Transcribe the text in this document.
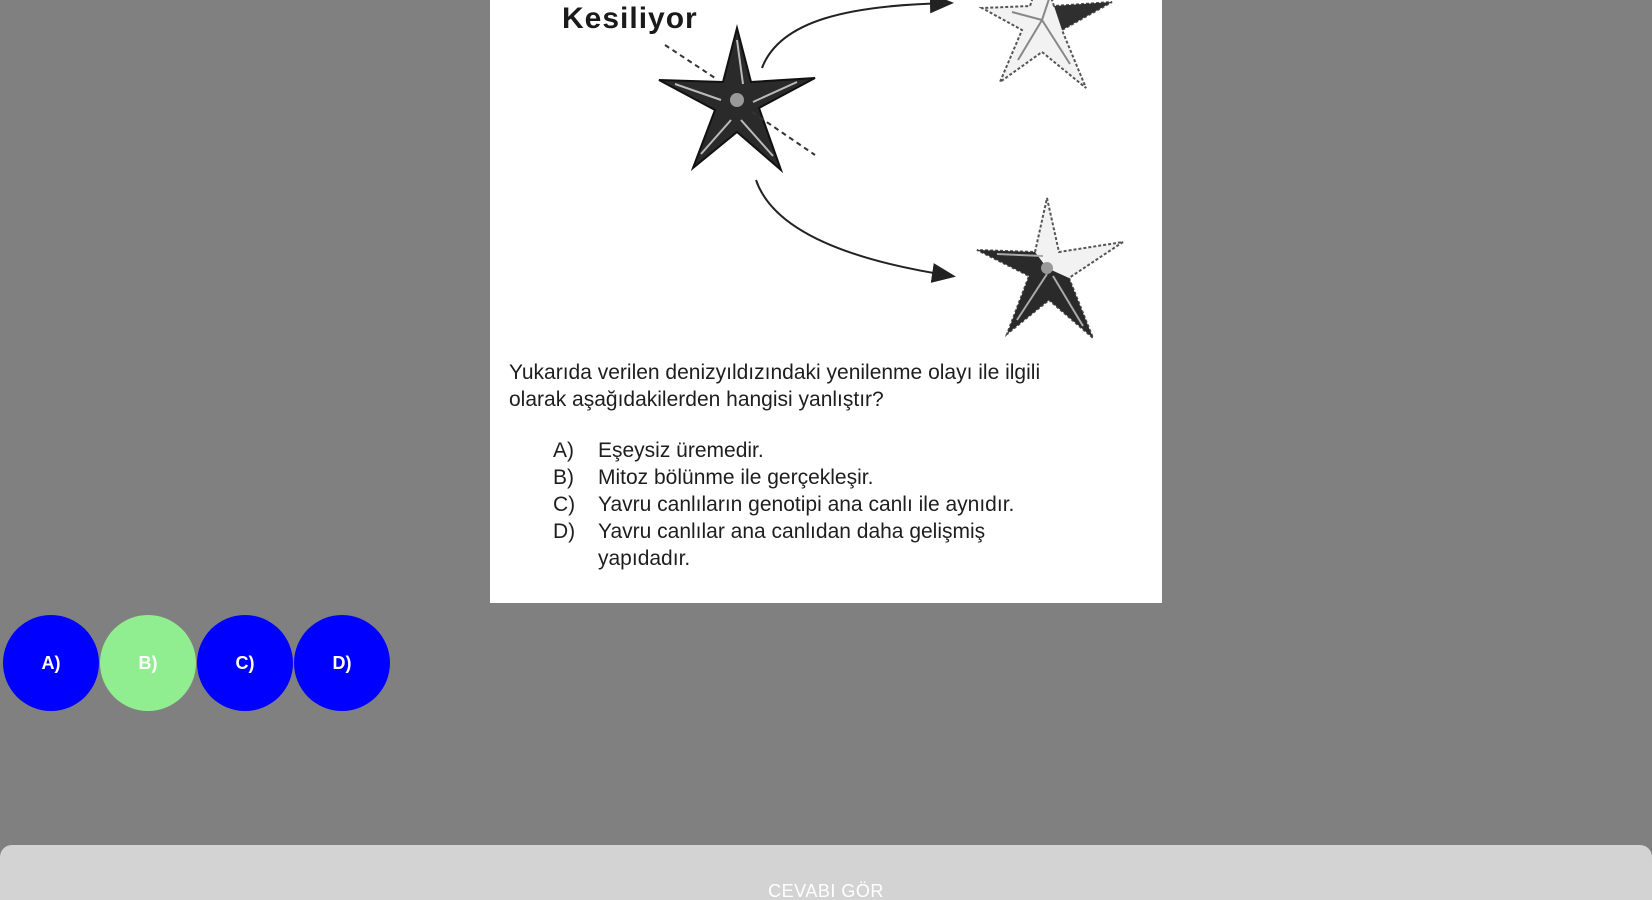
Kesiliyor

Yukarıda verilen denizyıldızındaki yenilenme olayı ile ilgili olarak aşağıdakilerden hangisi yanlıştır?

A)	Eşeysiz üremedir.
B)	Mitoz bölünme ile gerçekleşir.
C)	Yavru canlıların genotipi ana canlı ile aynıdır.
D)	Yavru canlılar ana canlıdan daha gelişmiş yapıdadır.
A)	B)	C)	D)
CEVABI GÖR
